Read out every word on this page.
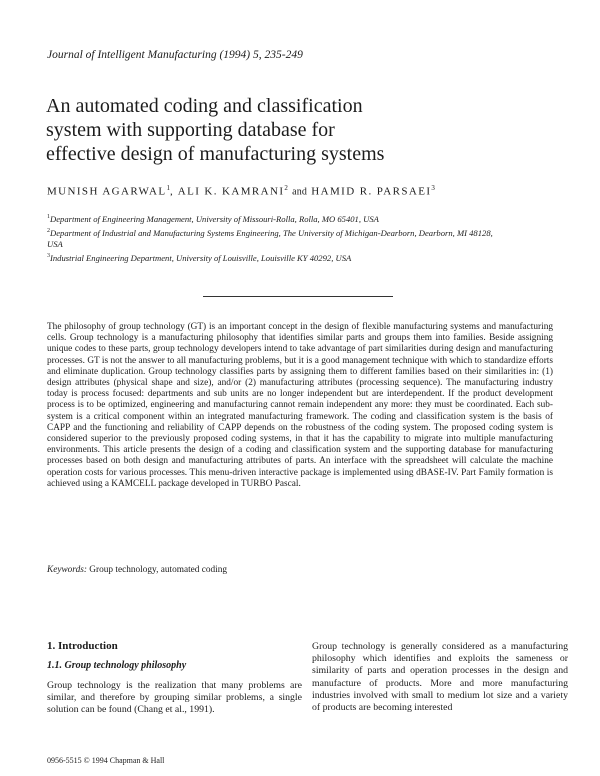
Journal of Intelligent Manufacturing (1994) 5, 235-249
An automated coding and classification
system with supporting database for
effective design of manufacturing systems
MUNISH AGARWAL$^1$, ALI K. KAMRANI$^2$ and HAMID R. PARSAEI$^3$
$^1$Department of Engineering Management, University of Missouri-Rolla, Rolla, MO 65401, USA
$^2$Department of Industrial and Manufacturing Systems Engineering, The University of Michigan-Dearborn, Dearborn, MI 48128, USA
$^3$Industrial Engineering Department, University of Louisville, Louisville KY 40292, USA
The philosophy of group technology (GT) is an important concept in the design of flexible manufacturing systems and manufacturing cells. Group technology is a manufacturing philosophy that identifies similar parts and groups them into families. Beside assigning unique codes to these parts, group technology developers intend to take advantage of part similarities during design and manufacturing processes. GT is not the answer to all manufacturing problems, but it is a good management technique with which to standardize efforts and eliminate duplication. Group technology classifies parts by assigning them to different families based on their similarities in: (1) design attributes (physical shape and size), and/or (2) manufacturing attributes (processing sequence). The manufacturing industry today is process focused: departments and sub units are no longer independent but are interdependent. If the product development process is to be optimized, engineering and manufacturing cannot remain independent any more: they must be coordinated. Each sub-system is a critical component within an integrated manufacturing framework. The coding and classification system is the basis of CAPP and the functioning and reliability of CAPP depends on the robustness of the coding system. The proposed coding system is considered superior to the previously proposed coding systems, in that it has the capability to migrate into multiple manufacturing environments. This article presents the design of a coding and classification system and the supporting database for manufacturing processes based on both design and manufacturing attributes of parts. An interface with the spreadsheet will calculate the machine operation costs for various processes. This menu-driven interactive package is implemented using dBASE-IV. Part Family formation is achieved using a KAMCELL package developed in TURBO Pascal.
Keywords: Group technology, automated coding
1. Introduction
1.1. Group technology philosophy

Group technology is the realization that many problems are similar, and therefore by grouping similar problems, a single solution can be found (Chang et al., 1991).

Group technology is generally considered as a manufacturing philosophy which identifies and exploits the sameness or similarity of parts and operation processes in the design and manufacture of products. More and more manufacturing industries involved with small to medium lot size and a variety of products are becoming interested

0956-5515 © 1994 Chapman & Hall
